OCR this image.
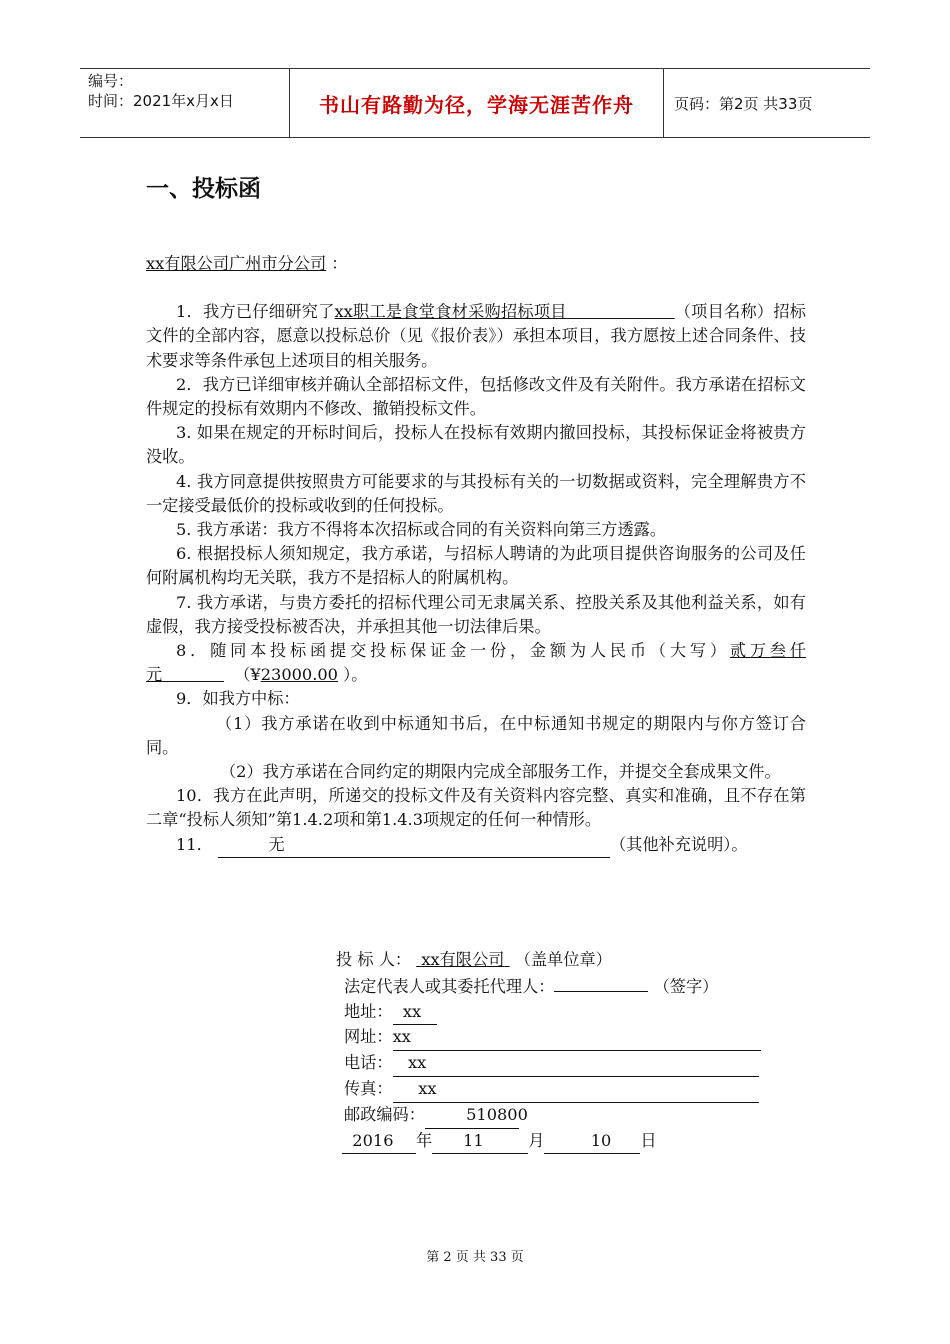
编号：
时间：2021年x月x日	书山有路勤为径，学海无涯苦作舟	页码：第2页 共33页
一、投标函

xx有限公司广州市分公司 ：

1．我方已仔细研究了xx职工是食堂食材采购招标项目	（项目名称）招标文件的全部内容，愿意以投标总价（见《报价表》）承担本项目，我方愿按上述合同条件、技术要求等条件承包上述项目的相关服务。

2．我方已详细审核并确认全部招标文件，包括修改文件及有关附件。我方承诺在招标文件规定的投标有效期内不修改、撤销投标文件。

3. 如果在规定的开标时间后，投标人在投标有效期内撤回投标，其投标保证金将被贵方没收。

4. 我方同意提供按照贵方可能要求的与其投标有关的一切数据或资料，完全理解贵方不一定接受最低价的投标或收到的任何投标。

5. 我方承诺：我方不得将本次招标或合同的有关资料向第三方透露。

6. 根据投标人须知规定，我方承诺，与招标人聘请的为此项目提供咨询服务的公司及任何附属机构均无关联，我方不是招标人的附属机构。

7. 我方承诺，与贵方委托的招标代理公司无隶属关系、控股关系及其他利益关系，如有虚假，我方接受投标被否决，并承担其他一切法律后果。

8．随同本投标函提交投标保证金一份，金额为人民币（大写）贰万叁仟元	（¥23000.00 ）。

9．如我方中标：

（1）我方承诺在收到中标通知书后，在中标通知书规定的期限内与你方签订合同。

（2）我方承诺在合同约定的期限内完成全部服务工作，并提交全套成果文件。

10．我方在此声明，所递交的投标文件及有关资料内容完整、真实和准确，且不存在第二章“投标人须知”第1.4.2项和第1.4.3项规定的任何一种情形。

11．	无	（其他补充说明）。

投 标 人： xx有限公司 （盖单位章）
法定代表人或其委托代理人：	（签字）
地址： xx
网址：xx
电话： xx
传真： xx
邮政编码：	510800
2016 年 11	月	10 日
第 2 页 共 33 页
